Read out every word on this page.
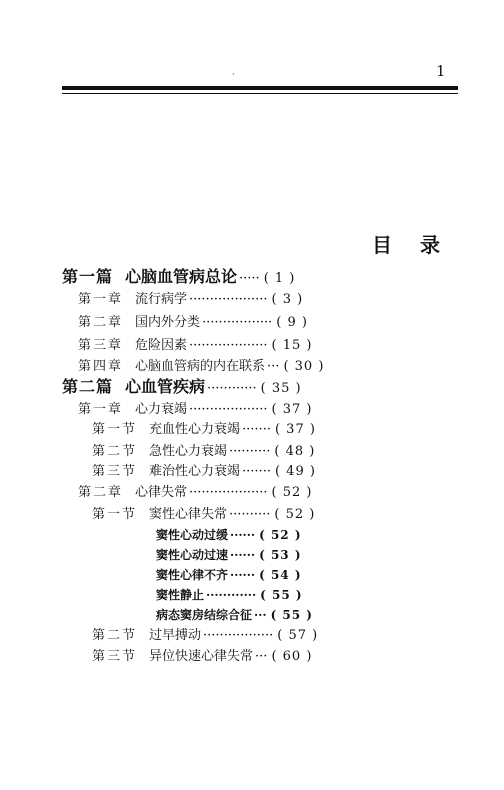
·	1
目录
第一篇 心脑血管病总论 ····· ( 1 )
第一章 流行病学 ··················· ( 3 )
第二章 国内外分类 ················· ( 9 )
第三章 危险因素 ··················· ( 15 )
第四章 心脑血管病的内在联系 ··· ( 30 )
第二篇 心血管疾病 ············ ( 35 )
第一章 心力衰竭 ··················· ( 37 )
第一节 充血性心力衰竭 ······· ( 37 )
第二节 急性心力衰竭 ·········· ( 48 )
第三节 难治性心力衰竭 ······· ( 49 )
第二章 心律失常 ··················· ( 52 )
第一节 窦性心律失常 ·········· ( 52 )
窦性心动过缓 ······ ( 52 )
窦性心动过速 ······ ( 53 )
窦性心律不齐 ······ ( 54 )
窦性静止 ············ ( 55 )
病态窦房结综合征 ··· ( 55 )
第二节 过早搏动 ················· ( 57 )
第三节 异位快速心律失常 ··· ( 60 )
